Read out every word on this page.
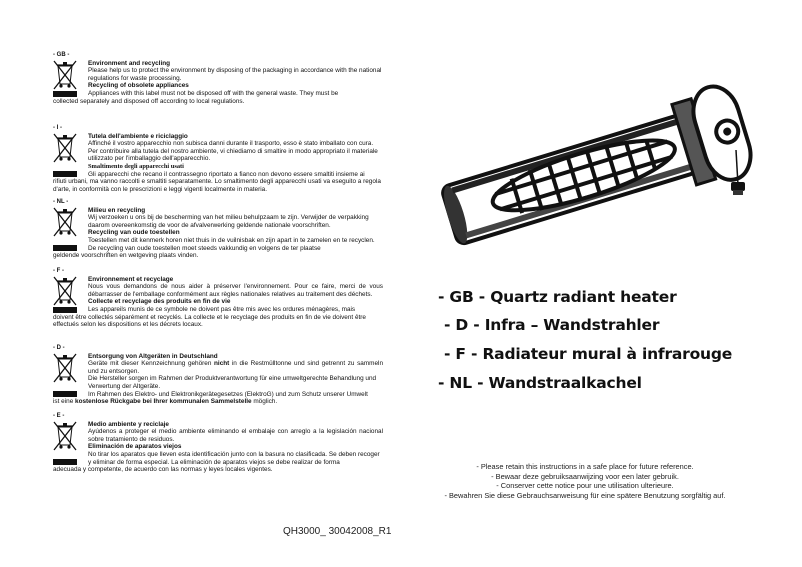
- GB -
Environment and recycling
Please help us to protect the environment by disposing of the packaging in accordance with the national regulations for waste processing.
Recycling of obsolete appliances
Appliances with this label must not be disposed off with the general waste. They must be
collected separately and disposed off according to local regulations.
- I -
Tutela dell'ambiente e riciclaggio
Affinché il vostro apparecchio non subisca danni durante il trasporto, esso è stato imballato con cura. Per contribuire alla tutela del nostro ambiente, vi chiediamo di smaltire in modo appropriato il materiale utilizzato per l'imballaggio dell'apparecchio.
Smaltimento degli apparecchi usati
Gli apparecchi che recano il contrassegno riportato a fianco non devono essere smaltiti insieme ai
rifiuti urbani, ma vanno raccolti e smaltiti separatamente. Lo smaltimento degli apparecchi usati va eseguito a regola d'arte, in conformità con le prescrizioni e leggi vigenti localmente in materia.
- NL -
Milieu en recycling
Wij verzoeken u ons bij de bescherming van het milieu behulpzaam te zijn. Verwijder de verpakking daarom overeenkomstig de voor de afvalverwerking geldende nationale voorschriften.
Recycling van oude toestellen
Toestellen met dit kenmerk horen niet thuis in de vuilnisbak en zijn apart in te zamelen en te recyclen. De recycling van oude toestellen moet steeds vakkundig en volgens de ter plaatse
geldende voorschriften en wetgeving plaats vinden.
- F -
Environnement et recyclage
Nous vous demandons de nous aider à préserver l'environnement. Pour ce faire, merci de vous débarrasser de l'emballage conformément aux règles nationales relatives au traitement des déchets.
Collecte et recyclage des produits en fin de vie
Les appareils munis de ce symbole ne doivent pas être mis avec les ordures ménagères, mais
doivent être collectés séparément et recyclés. La collecte et le recyclage des produits en fin de vie doivent être effectués selon les dispositions et les décrets locaux.
- D -
Entsorgung von Altgeräten in Deutschland
Geräte mit dieser Kennzeichnung gehören nicht in die Restmülltonne und sind getrennt zu sammeln und zu entsorgen.
Die Hersteller sorgen im Rahmen der Produktverantwortung für eine umweltgerechte Behandlung und Verwertung der Altgeräte.
Im Rahmen des Elektro- und Elektronikgerätegesetzes (ElektroG) und zum Schutz unserer Umwelt
ist eine kostenlose Rückgabe bei Ihrer kommunalen Sammelstelle möglich.
- E -
Medio ambiente y reciclaje
Ayúdenos a proteger el medio ambiente eliminando el embalaje con arreglo a la legislación nacional sobre tratamiento de residuos.
Eliminación de aparatos viejos
No tirar los aparatos que lleven esta identificación junto con la basura no clasificada. Se deben recoger y eliminar de forma especial. La eliminación de aparatos viejos se debe realizar de forma
adecuada y competente, de acuerdo con las normas y leyes locales vigentes.
- GB - Quartz radiant heater
- D - Infra – Wandstrahler
- F - Radiateur mural à infrarouge
- NL - Wandstraalkachel
- Please retain this instructions in a safe place for future reference.
- Bewaar deze gebruiksaanwijzing voor een later gebruik.
- Conserver cette notice pour une utilisation ulterieure.
- Bewahren Sie diese Gebrauchsanweisung für eine spätere Benutzung sorgfältig auf.
QH3000_ 30042008_R1
